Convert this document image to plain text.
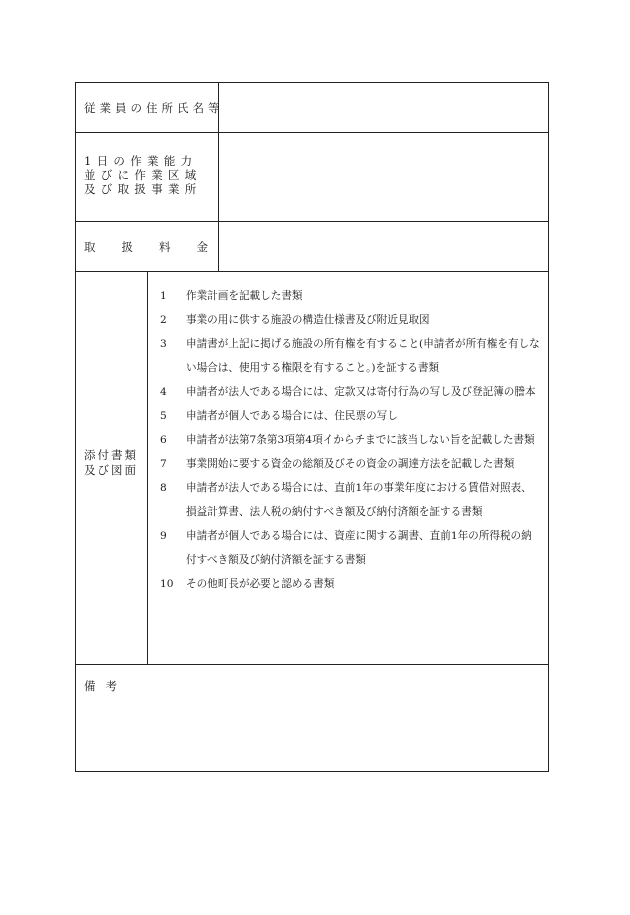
従業員の住所氏名等
1日の作業能力
並びに作業区域
及び取扱事業所
取 扱 料 金
添付書類
及び図面
1	作業計画を記載した書類
2	事業の用に供する施設の構造仕様書及び附近見取図
3	申請書が上記に掲げる施設の所有権を有すること(申請者が所有権を有しない場合は、使用する権限を有すること。)を証する書類
4	申請者が法人である場合には、定款又は寄付行為の写し及び登記簿の謄本
5	申請者が個人である場合には、住民票の写し
6	申請者が法第7条第3項第4項イからチまでに該当しない旨を記載した書類
7	事業開始に要する資金の総額及びその資金の調達方法を記載した書類
8	申請者が法人である場合には、直前1年の事業年度における賃借対照表、損益計算書、法人税の納付すべき額及び納付済額を証する書類
9	申請者が個人である場合には、資産に関する調書、直前1年の所得税の納付すべき額及び納付済額を証する書類
10	その他町長が必要と認める書類
備考
